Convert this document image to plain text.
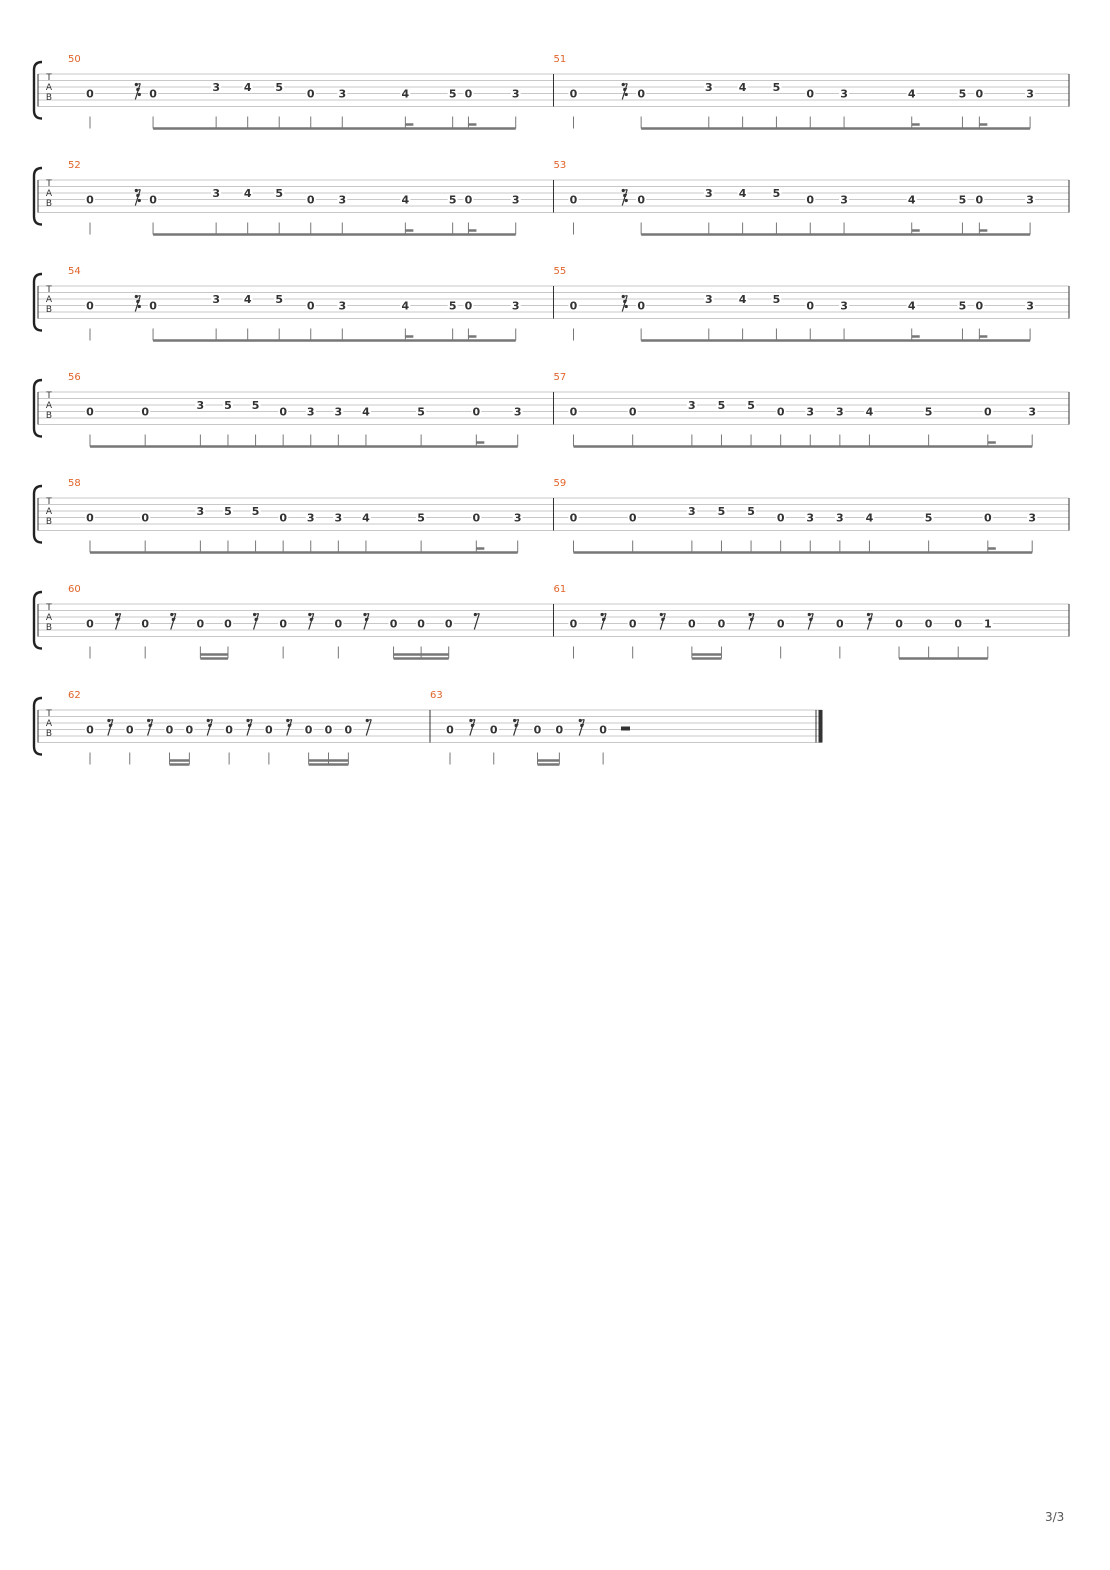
T
A
B
50
0	0	3 4 5 0 3	4	5 0	3
51
0	0	3 4 5 0 3	4	5 0	3
T
A
B
52
0	0	3 4 5 0 3	4	5 0	3
53
0	0	3 4 5 0 3	4	5 0	3
T
A
B
54
0	0	3 4 5 0 3	4	5 0	3
55
0	0	3 4 5 0 3	4	5 0	3
T
A
B
56
0	0	3 5 5 0 3 3 4	5	0	3
57
0	0	3 5 5 0 3 3 4	5	0	3
T
A
B
58
0	0	3 5 5 0 3 3 4	5	0	3
59
0	0	3 5 5 0 3 3 4	5	0	3
T
A
B
60
0	0	0 0	0	0	0 0 0
61
0	0	0 0	0	0	0 0 0 1
T
A
B
62
0	0	0 0	0	0	0 0 0
63
0	0	0 0	0
3/3
